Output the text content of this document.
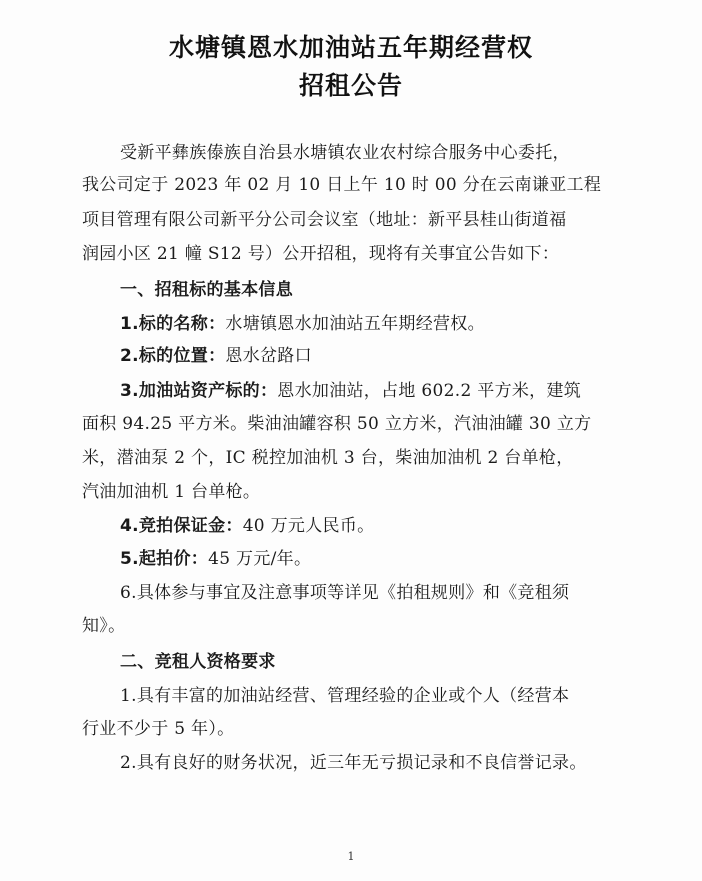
水塘镇恩水加油站五年期经营权
招租公告
受新平彝族傣族自治县水塘镇农业农村综合服务中心委托，
我公司定于 2023 年 02 月 10 日上午 10 时 00 分在云南谦亚工程
项目管理有限公司新平分公司会议室（地址：新平县桂山街道福
润园小区 21 幢 S12 号）公开招租，现将有关事宜公告如下：
一、招租标的基本信息
1.标的名称：水塘镇恩水加油站五年期经营权。
2.标的位置：恩水岔路口
3.加油站资产标的：恩水加油站，占地 602.2 平方米，建筑
面积 94.25 平方米。柴油油罐容积 50 立方米，汽油油罐 30 立方
米，潜油泵 2 个，IC 税控加油机 3 台，柴油加油机 2 台单枪，
汽油加油机 1 台单枪。
4.竞拍保证金：40 万元人民币。
5.起拍价：45 万元/年。
6.具体参与事宜及注意事项等详见《拍租规则》和《竞租须
知》。
二、竞租人资格要求
1.具有丰富的加油站经营、管理经验的企业或个人（经营本
行业不少于 5 年）。
2.具有良好的财务状况，近三年无亏损记录和不良信誉记录。
1
